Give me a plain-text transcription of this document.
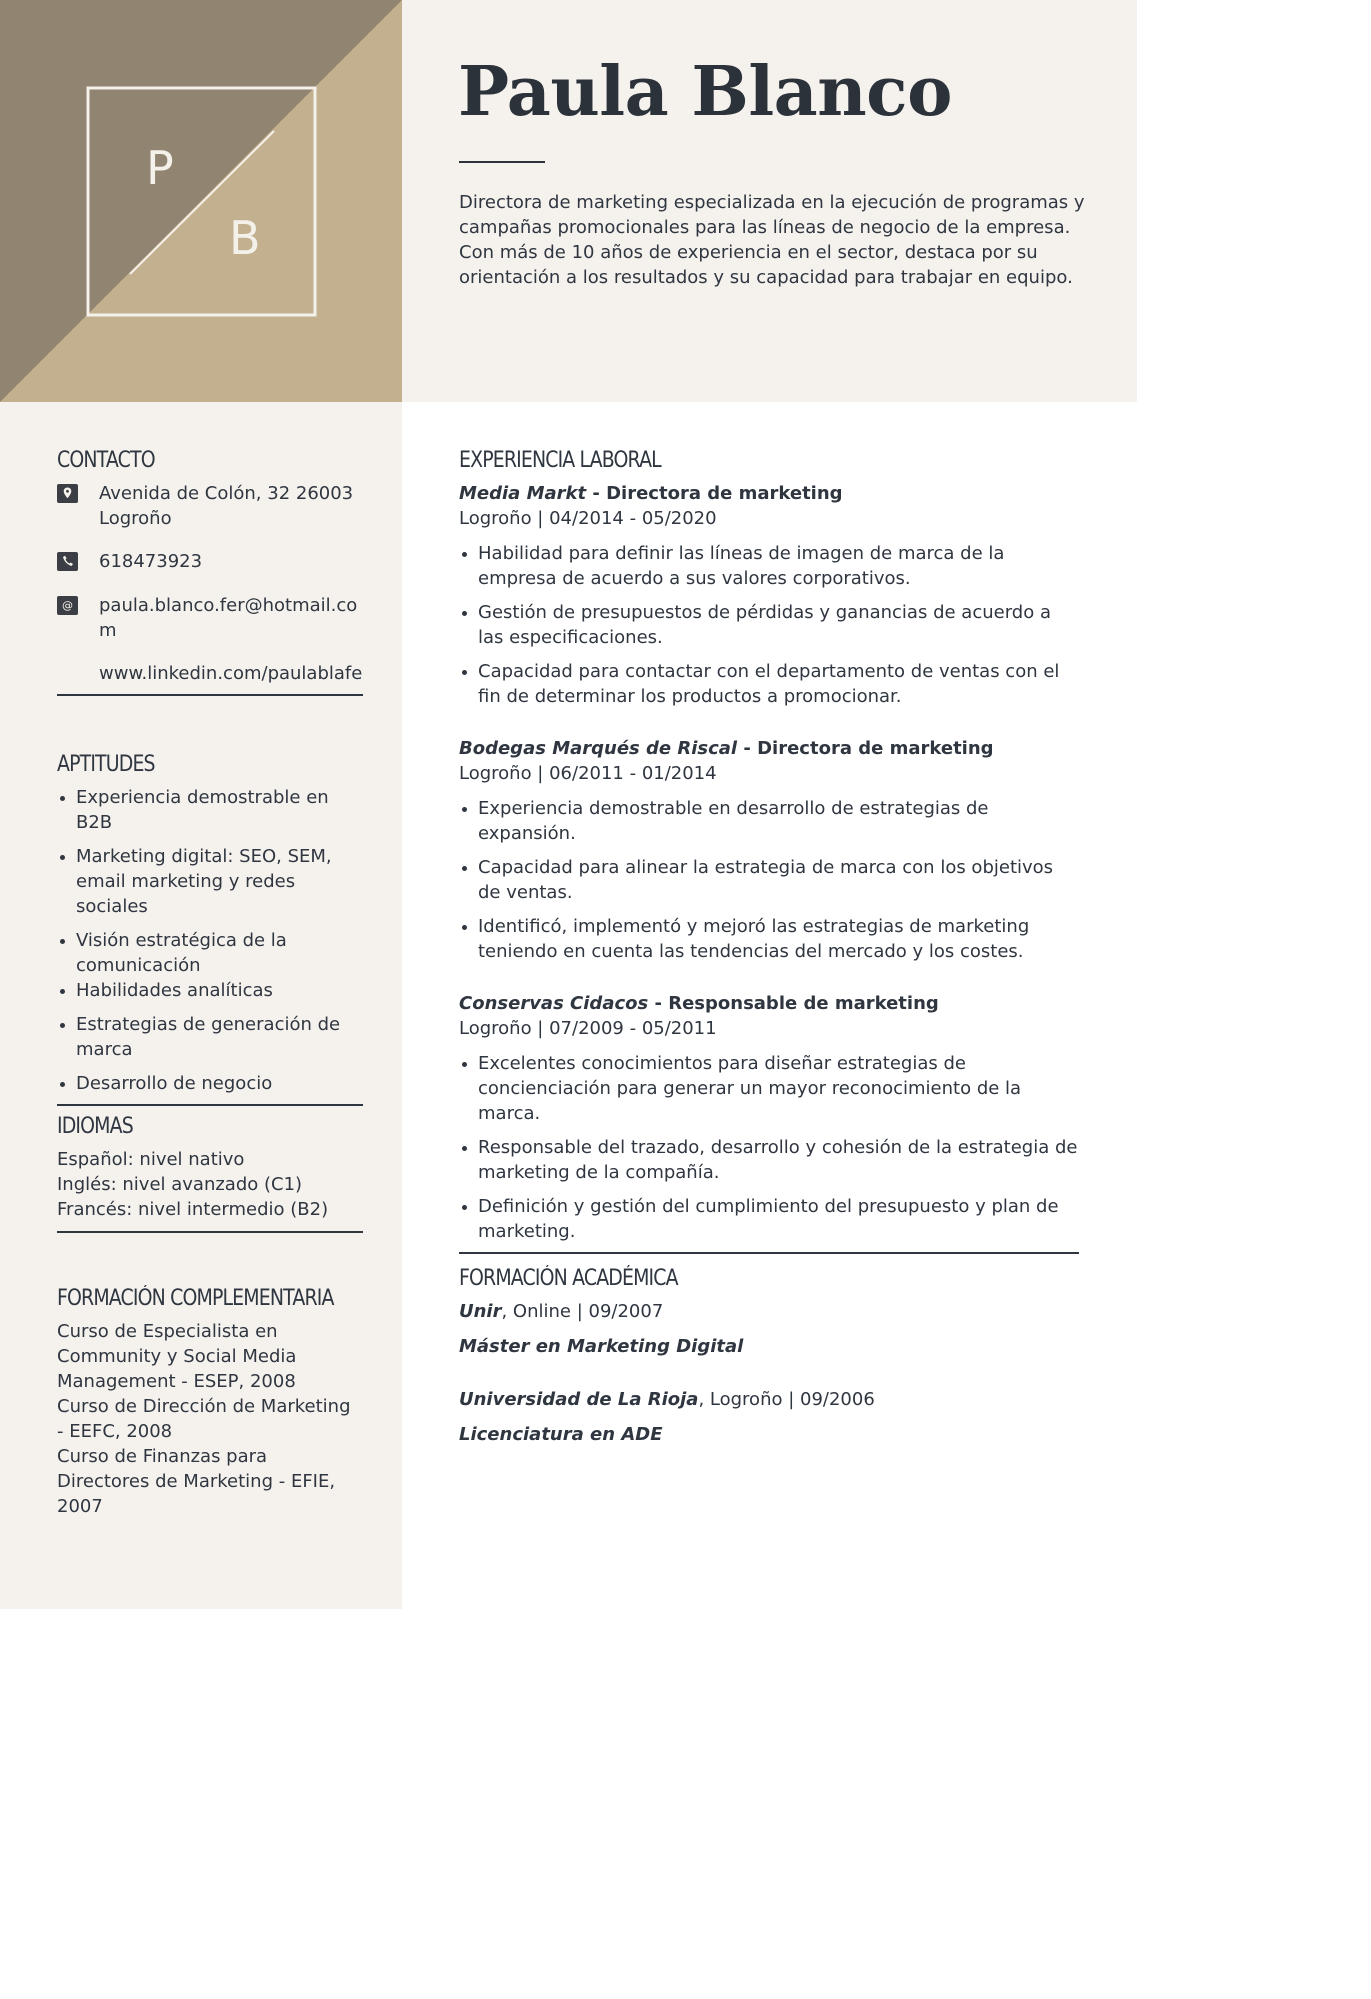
P
B
Paula Blanco

Directora de marketing especializada en la ejecución de programas y campañas promocionales para las líneas de negocio de la empresa. Con más de 10 años de experiencia en el sector, destaca por su orientación a los resultados y su capacidad para trabajar en equipo.

CONTACTO
Avenida de Colón, 32 26003
Logroño
618473923
@ paula.blanco.fer@hotmail.co
m
www.linkedin.com/paulablafe
APTITUDES
Experiencia demostrable en B2B
Marketing digital: SEO, SEM, email marketing y redes sociales
Visión estratégica de la comunicación
Habilidades analíticas
Estrategias de generación de marca
Desarrollo de negocio
IDIOMAS
Español: nivel nativo
Inglés: nivel avanzado (C1)
Francés: nivel intermedio (B2)
FORMACIÓN COMPLEMENTARIA
Curso de Especialista en Community y Social Media Management - ESEP, 2008
Curso de Dirección de Marketing - EEFC, 2008
Curso de Finanzas para Directores de Marketing - EFIE, 2007
EXPERIENCIA LABORAL
Media Markt - Directora de marketing
Logroño | 04/2014 - 05/2020
Habilidad para definir las líneas de imagen de marca de la empresa de acuerdo a sus valores corporativos.
Gestión de presupuestos de pérdidas y ganancias de acuerdo a las especificaciones.
Capacidad para contactar con el departamento de ventas con el fin de determinar los productos a promocionar.
Bodegas Marqués de Riscal - Directora de marketing
Logroño | 06/2011 - 01/2014
Experiencia demostrable en desarrollo de estrategias de expansión.
Capacidad para alinear la estrategia de marca con los objetivos de ventas.
Identificó, implementó y mejoró las estrategias de marketing teniendo en cuenta las tendencias del mercado y los costes.
Conservas Cidacos - Responsable de marketing
Logroño | 07/2009 - 05/2011
Excelentes conocimientos para diseñar estrategias de concienciación para generar un mayor reconocimiento de la marca.
Responsable del trazado, desarrollo y cohesión de la estrategia de marketing de la compañía.
Definición y gestión del cumplimiento del presupuesto y plan de marketing.
FORMACIÓN ACADÉMICA
Unir, Online | 09/2007
Máster en Marketing Digital
Universidad de La Rioja, Logroño | 09/2006
Licenciatura en ADE
